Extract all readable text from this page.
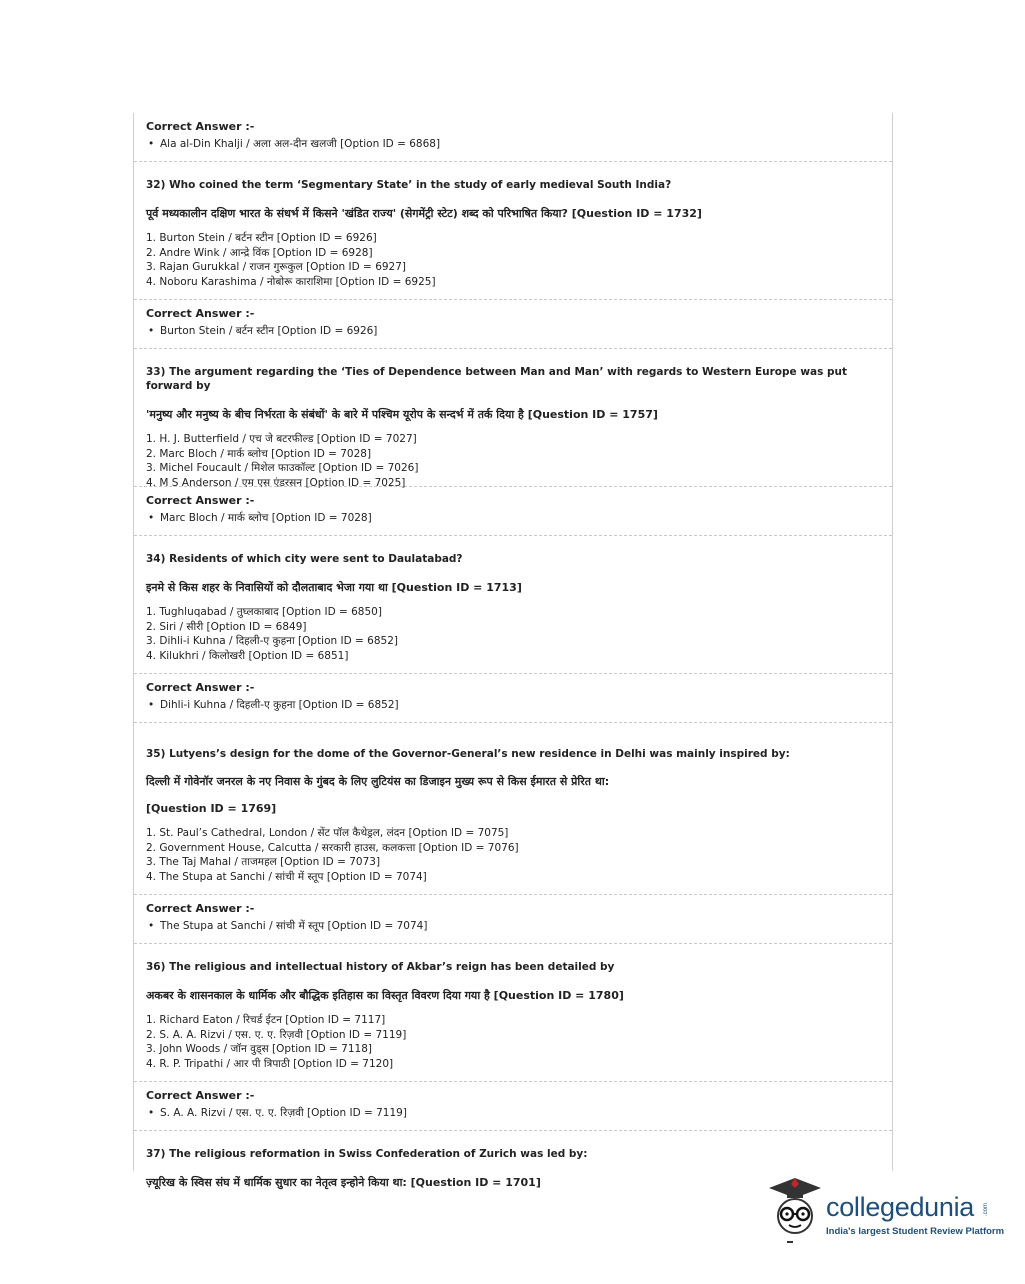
Correct Answer :-
• Ala al-Din Khalji / अला अल-दीन खलजी [Option ID = 6868]
32) Who coined the term ‘Segmentary State’ in the study of early medieval South India?
पूर्व मध्यकालीन दक्षिण भारत के संधर्भ में किसने 'खंडित राज्य' (सेगमेंट्री स्टेट) शब्द को परिभाषित किया? [Question ID = 1732]
1. Burton Stein / बर्टन स्टीन [Option ID = 6926]
2. Andre Wink / आन्द्रे विंक [Option ID = 6928]
3. Rajan Gurukkal / राजन गुरूकुल [Option ID = 6927]
4. Noboru Karashima / नोबोरू काराशिमा [Option ID = 6925]
Correct Answer :-
• Burton Stein / बर्टन स्टीन [Option ID = 6926]
33) The argument regarding the ‘Ties of Dependence between Man and Man’ with regards to Western Europe was put forward by
'मनुष्य और मनुष्य के बीच निर्भरता के संबंधों' के बारे में पश्चिम यूरोप के सन्दर्भ में तर्क दिया है [Question ID = 1757]
1. H. J. Butterfield / एच जे बटरफील्ड [Option ID = 7027]
2. Marc Bloch / मार्क ब्लोच [Option ID = 7028]
3. Michel Foucault / मिशेल फाउकॉल्ट [Option ID = 7026]
4. M S Anderson / एम एस एंडरसन [Option ID = 7025]
Correct Answer :-
• Marc Bloch / मार्क ब्लोच [Option ID = 7028]
34) Residents of which city were sent to Daulatabad?
इनमे से किस शहर के निवासियों को दौलताबाद भेजा गया था [Question ID = 1713]
1. Tughluqabad / तुघ्लकाबाद [Option ID = 6850]
2. Siri / सीरी [Option ID = 6849]
3. Dihli-i Kuhna / दिहली-ए कुहना [Option ID = 6852]
4. Kilukhri / किलोखरी [Option ID = 6851]
Correct Answer :-
• Dihli-i Kuhna / दिहली-ए कुहना [Option ID = 6852]
35) Lutyens’s design for the dome of the Governor-General’s new residence in Delhi was mainly inspired by:
दिल्ली में गोवेनॉर जनरल के नए निवास के गुंबद के लिए लुटियंस का डिजाइन मुख्य रूप से किस ईमारत से प्रेरित था:
[Question ID = 1769]
1. St. Paul’s Cathedral, London / सेंट पॉल कैथेड्रल, लंदन [Option ID = 7075]
2. Government House, Calcutta / सरकारी हाउस, कलकत्ता [Option ID = 7076]
3. The Taj Mahal / ताजमहल [Option ID = 7073]
4. The Stupa at Sanchi / सांची में स्तूप [Option ID = 7074]
Correct Answer :-
• The Stupa at Sanchi / सांची में स्तूप [Option ID = 7074]
36) The religious and intellectual history of Akbar’s reign has been detailed by
अकबर के शासनकाल के धार्मिक और बौद्धिक इतिहास का विस्तृत विवरण दिया गया है [Question ID = 1780]
1. Richard Eaton / रिचर्ड ईटन [Option ID = 7117]
2. S. A. A. Rizvi / एस. ए. ए. रिज़वी [Option ID = 7119]
3. John Woods / जॉन वुड्स [Option ID = 7118]
4. R. P. Tripathi / आर पी त्रिपाठी [Option ID = 7120]
Correct Answer :-
• S. A. A. Rizvi / एस. ए. ए. रिज़वी [Option ID = 7119]
37) The religious reformation in Swiss Confederation of Zurich was led by:
ज़्यूरिख के स्विस संघ में धार्मिक सुधार का नेतृत्व इन्होने किया था: [Question ID = 1701]
collegedunia .com
India's largest Student Review Platform
